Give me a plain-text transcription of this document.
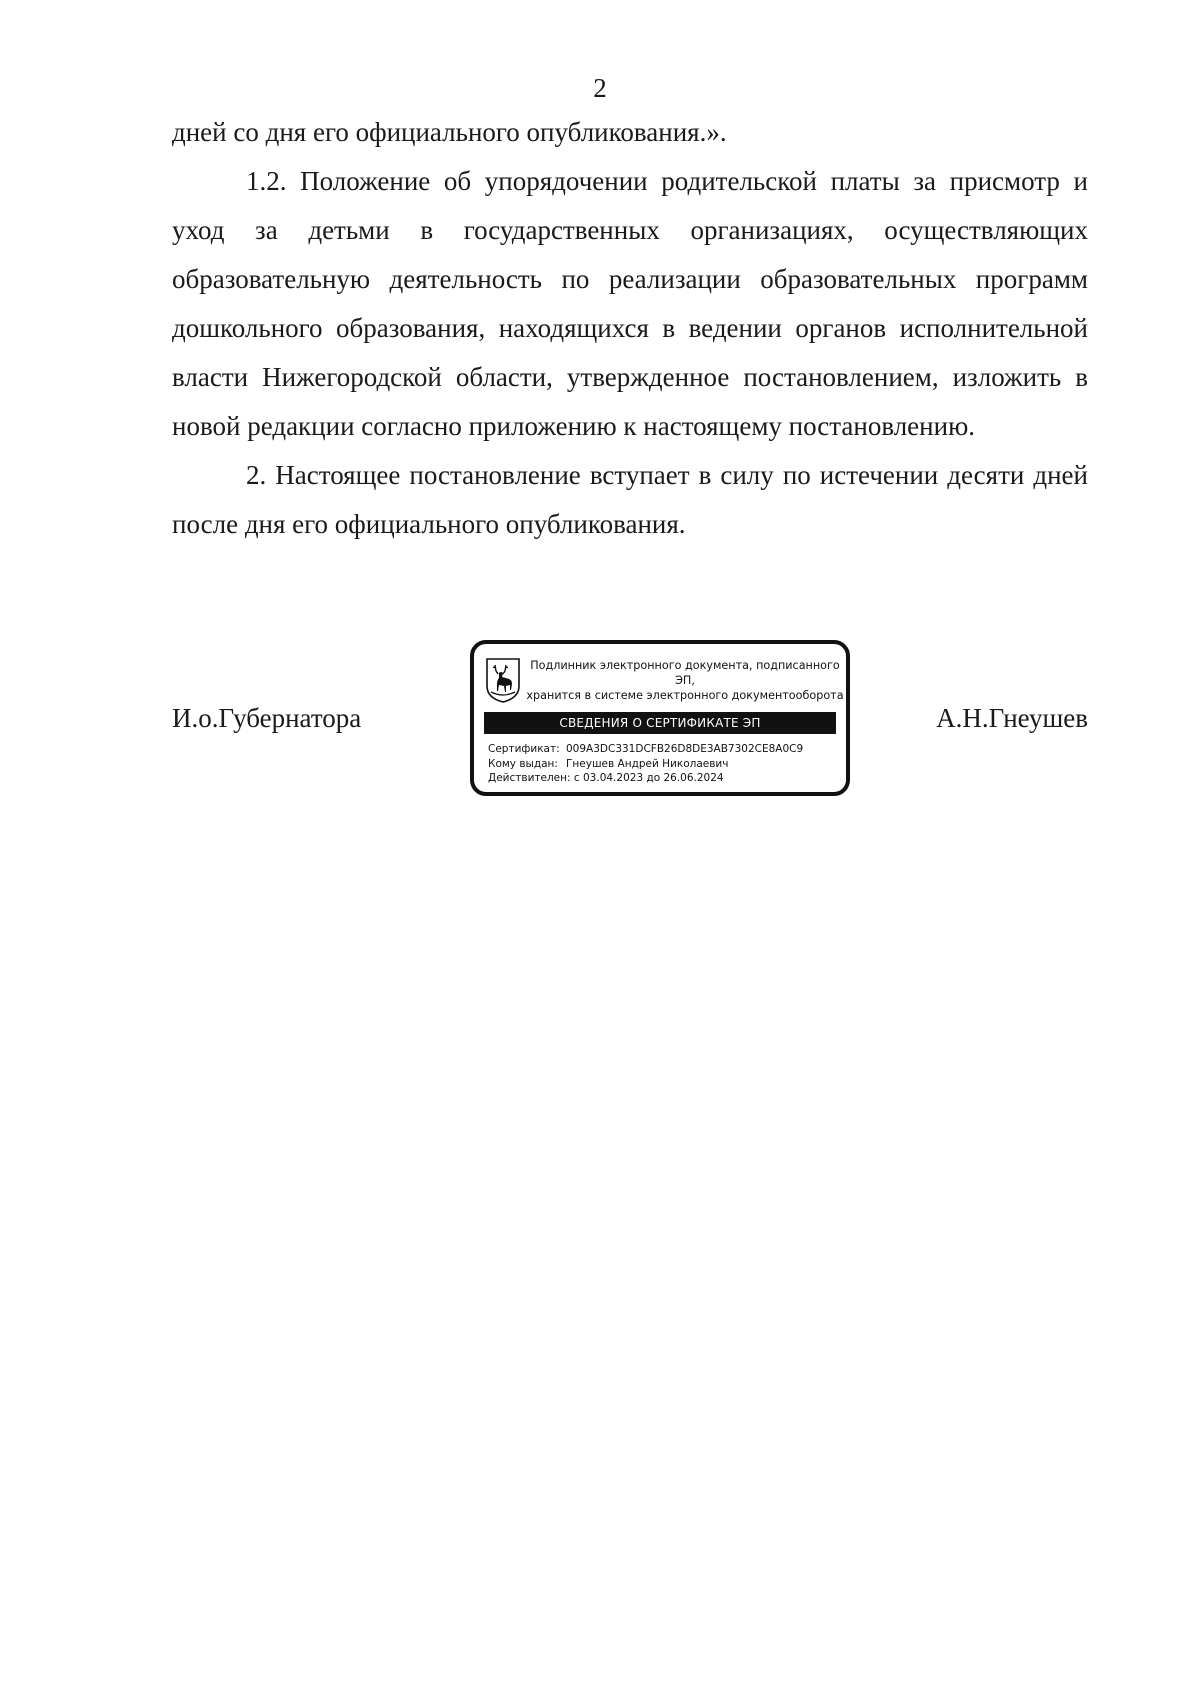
2

дней со дня его официального опубликования.».

1.2. Положение об упорядочении родительской платы за присмотр и уход за детьми в государственных организациях, осуществляющих образовательную деятельность по реализации образовательных программ дошкольного образования, находящихся в ведении органов исполнительной власти Нижегородской области, утвержденное постановлением, изложить в новой редакции согласно приложению к настоящему постановлению.

2. Настоящее постановление вступает в силу по истечении десяти дней после дня его официального опубликования.

И.о.Губернатора
Подлинник электронного документа, подписанного ЭП,
хранится в системе электронного документооборота
СВЕДЕНИЯ О СЕРТИФИКАТЕ ЭП
Сертификат: 009A3DC331DCFB26D8DE3AB7302CE8A0C9
Кому выдан: Гнеушев Андрей Николаевич
Действителен: с 03.04.2023 до 26.06.2024
А.Н.Гнеушев
